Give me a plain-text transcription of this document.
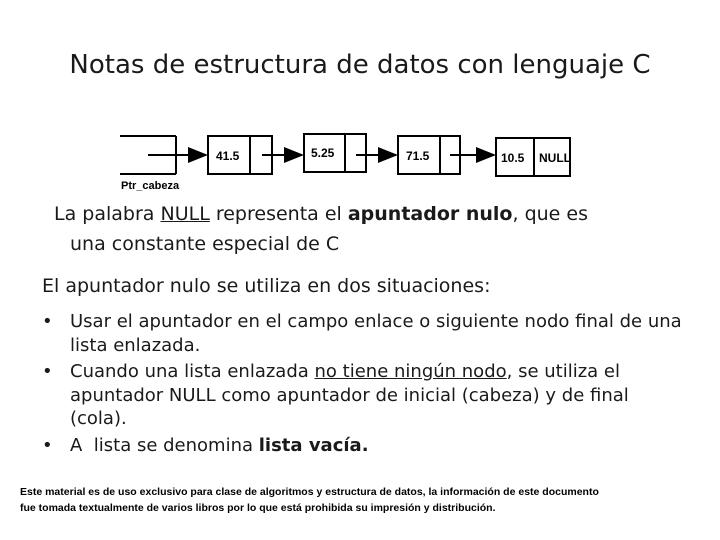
Notas de estructura de datos con lenguaje C
41.5	5.25	71.5	10.5 NULL
Ptr_cabeza
La palabra NULL representa el apuntador nulo, que es
una constante especial de C
El apuntador nulo se utiliza en dos situaciones:
• Usar el apuntador en el campo enlace o siguiente nodo final de una lista enlazada.
• Cuando una lista enlazada no tiene ningún nodo, se utiliza el apuntador NULL como apuntador de inicial (cabeza) y de final (cola).
• A  lista se denomina lista vacía.
Este material es de uso exclusivo para clase de algoritmos y estructura de datos, la información de este documento
fue tomada textualmente de varios libros por lo que está prohibida su impresión y distribución.
